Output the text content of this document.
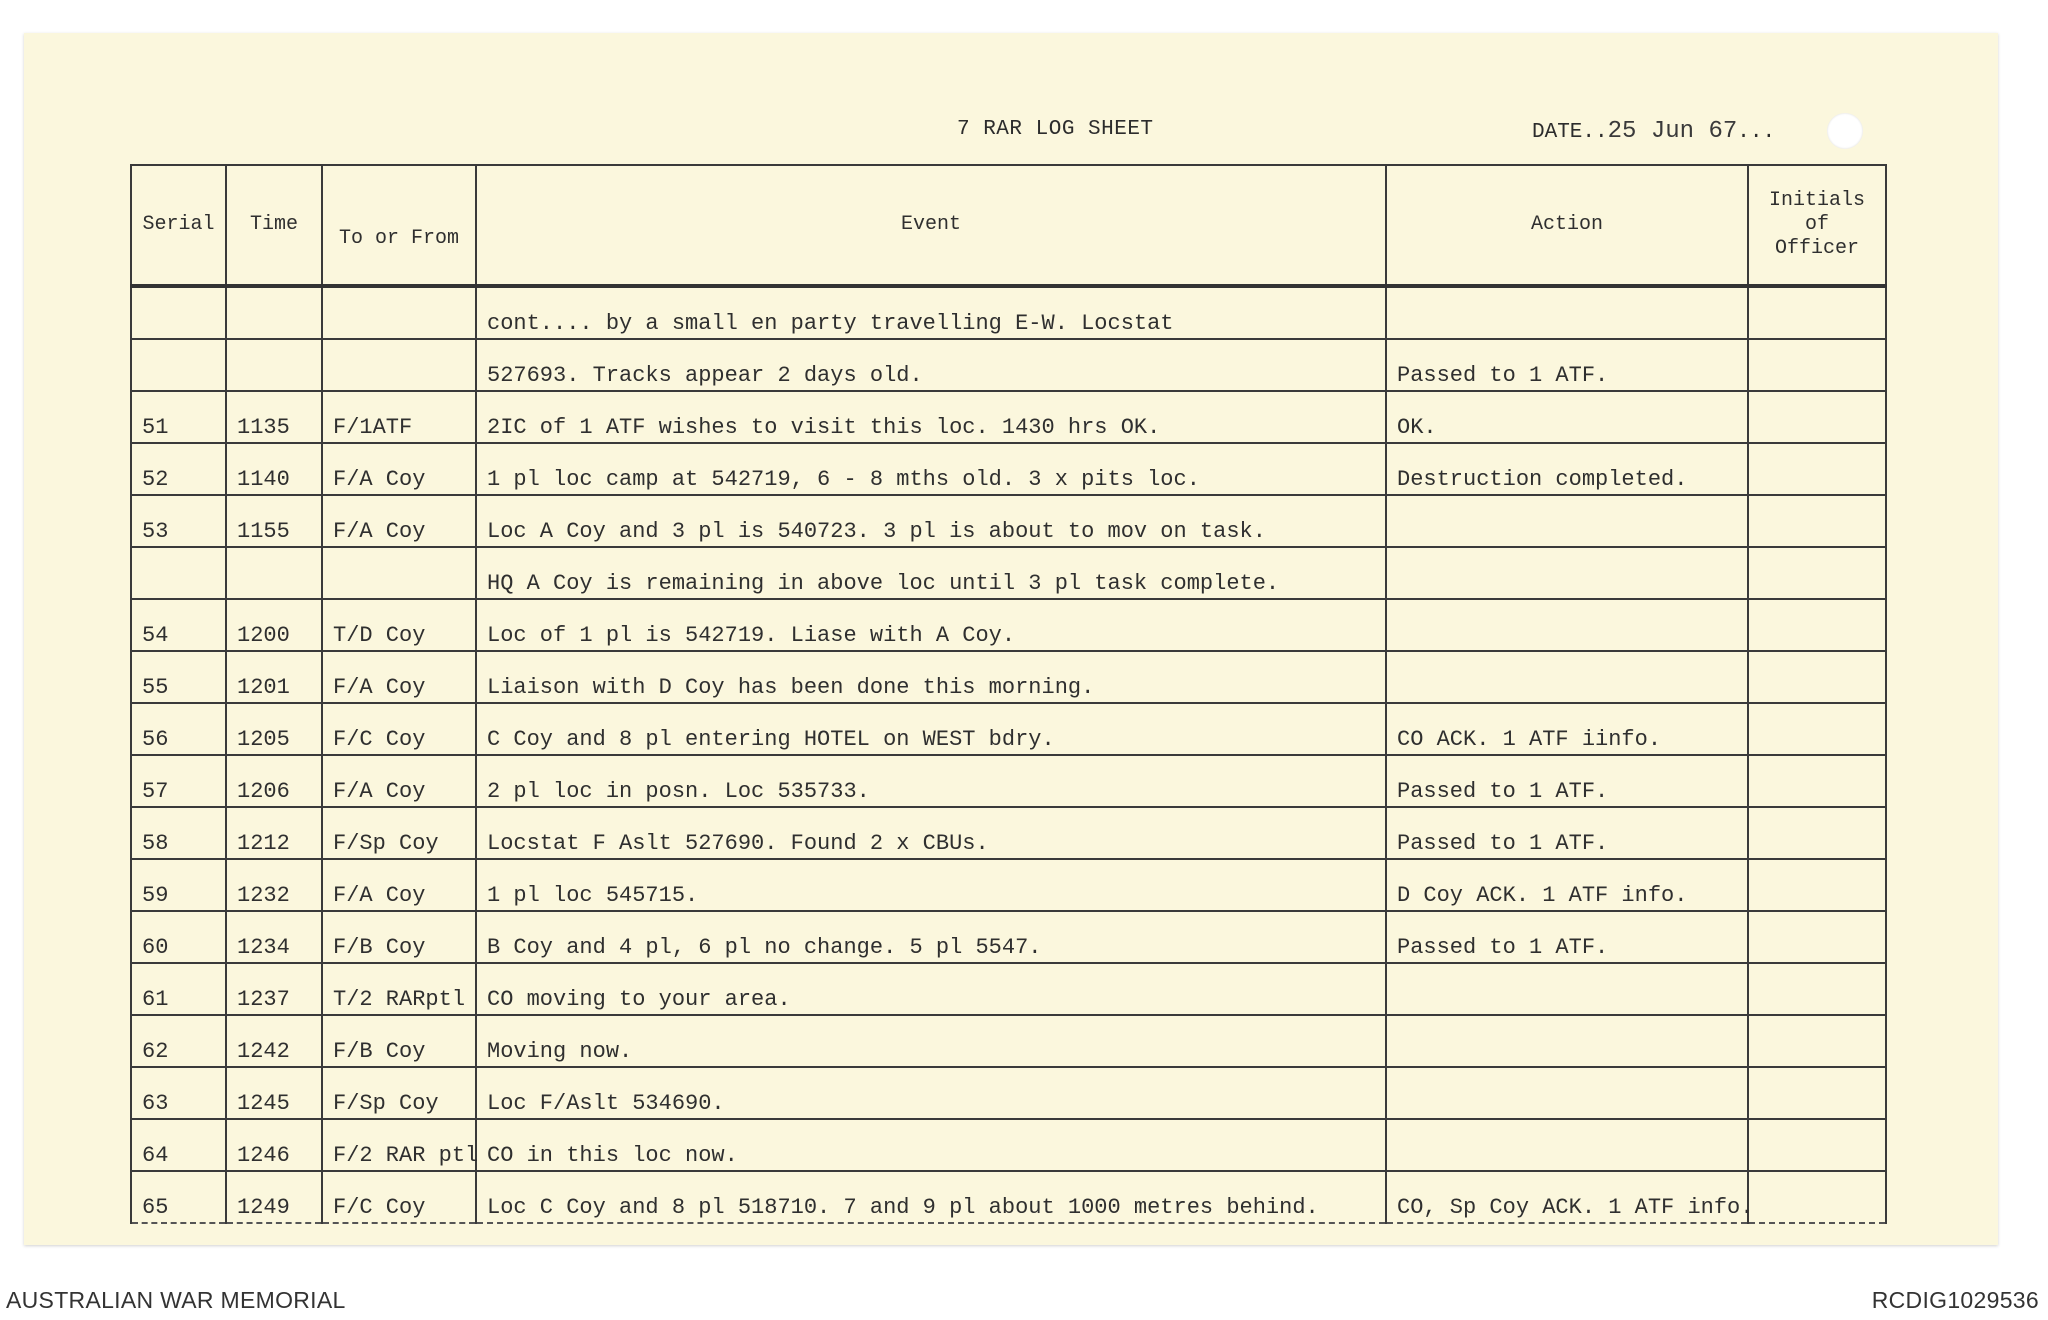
7 RAR LOG SHEET	DATE..25 Jun 67...
Serial	Time	To or From	Event	Action	Initials of Officer
			cont.... by a small en party travelling E-W. Locstat		
			527693. Tracks appear 2 days old.	Passed to 1 ATF.	
51	1135	F/1ATF	2IC of 1 ATF wishes to visit this loc. 1430 hrs OK.	OK.	
52	1140	F/A Coy	1 pl loc camp at 542719, 6 - 8 mths old. 3 x pits loc.	Destruction completed.	
53	1155	F/A Coy	Loc A Coy and 3 pl is 540723. 3 pl is about to mov on task.		
			HQ A Coy is remaining in above loc until 3 pl task complete.		
54	1200	T/D Coy	Loc of 1 pl is 542719. Liase with A Coy.		
55	1201	F/A Coy	Liaison with D Coy has been done this morning.		
56	1205	F/C Coy	C Coy and 8 pl entering HOTEL on WEST bdry.	CO ACK. 1 ATF iinfo.	
57	1206	F/A Coy	2 pl loc in posn. Loc 535733.	Passed to 1 ATF.	
58	1212	F/Sp Coy	Locstat F Aslt 527690. Found 2 x CBUs.	Passed to 1 ATF.	
59	1232	F/A Coy	1 pl loc 545715.	D Coy ACK. 1 ATF info.	
60	1234	F/B Coy	B Coy and 4 pl, 6 pl no change. 5 pl 5547.	Passed to 1 ATF.	
61	1237	T/2 RARptl	CO moving to your area.		
62	1242	F/B Coy	Moving now.		
63	1245	F/Sp Coy	Loc F/Aslt 534690.		
64	1246	F/2 RAR ptl	CO in this loc now.		
65	1249	F/C Coy	Loc C Coy and 8 pl 518710. 7 and 9 pl about 1000 metres behind.	CO, Sp Coy ACK. 1 ATF info.	
AUSTRALIAN WAR MEMORIAL	RCDIG1029536
